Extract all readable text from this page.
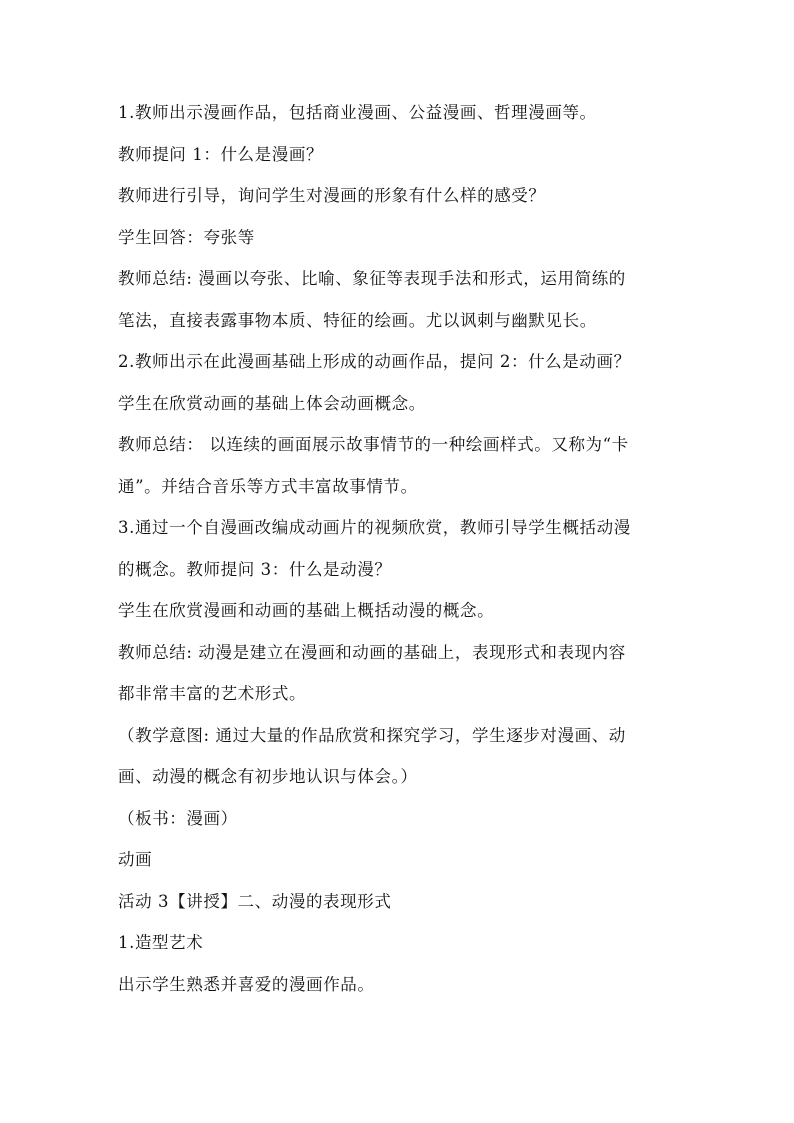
1.教师出示漫画作品，包括商业漫画、公益漫画、哲理漫画等。
教师提问 1：什么是漫画？
教师进行引导，询问学生对漫画的形象有什么样的感受？
学生回答：夸张等
教师总结: 漫画以夸张、比喻、象征等表现手法和形式，运用简练的
笔法，直接表露事物本质、特征的绘画。尤以讽刺与幽默见长。
2.教师出示在此漫画基础上形成的动画作品，提问 2：什么是动画？
学生在欣赏动画的基础上体会动画概念。
教师总结： 以连续的画面展示故事情节的一种绘画样式。又称为“卡
通”。并结合音乐等方式丰富故事情节。
3.通过一个自漫画改编成动画片的视频欣赏，教师引导学生概括动漫
的概念。教师提问 3：什么是动漫？
学生在欣赏漫画和动画的基础上概括动漫的概念。
教师总结: 动漫是建立在漫画和动画的基础上，表现形式和表现内容
都非常丰富的艺术形式。
（教学意图: 通过大量的作品欣赏和探究学习，学生逐步对漫画、动
画、动漫的概念有初步地认识与体会。）
（板书：漫画）
动画
活动 3【讲授】二、动漫的表现形式
1.造型艺术
出示学生熟悉并喜爱的漫画作品。
